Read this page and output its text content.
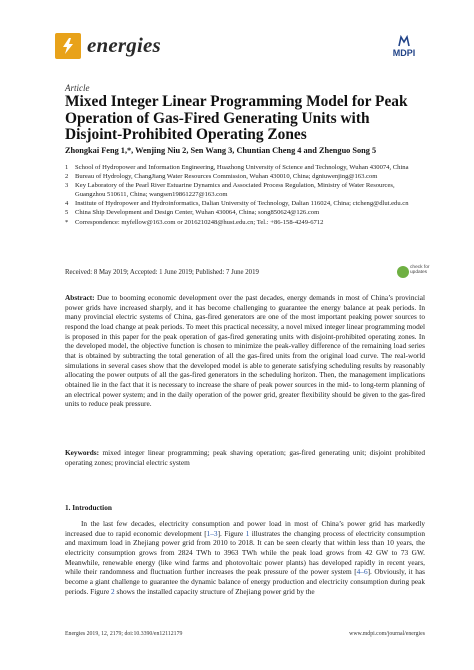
energies	MDPI
Article
Mixed Integer Linear Programming Model for Peak Operation of Gas-Fired Generating Units with Disjoint-Prohibited Operating Zones
Zhongkai Feng 1,*, Wenjing Niu 2, Sen Wang 3, Chuntian Cheng 4 and Zhenguo Song 5
1	School of Hydropower and Information Engineering, Huazhong University of Science and Technology, Wuhan 430074, China
2	Bureau of Hydrology, ChangJiang Water Resources Commission, Wuhan 430010, China; dgniuwenjing@163.com
3	Key Laboratory of the Pearl River Estuarine Dynamics and Associated Process Regulation, Ministry of Water Resources, Guangzhou 510611, China; wangsen19861227@163.com
4	Institute of Hydropower and Hydroinformatics, Dalian University of Technology, Dalian 116024, China; ctcheng@dlut.edu.cn
5	China Ship Development and Design Center, Wuhan 430064, China; song850624@126.com
*	Correspondence: myfellow@163.com or 2016210248@hust.edu.cn; Tel.: +86-158-4249-6712
Received: 8 May 2019; Accepted: 1 June 2019; Published: 7 June 2019
check for updates
Abstract: Due to booming economic development over the past decades, energy demands in most of China’s provincial power grids have increased sharply, and it has become challenging to guarantee the energy balance at peak periods. In many provincial electric systems of China, gas-fired generators are one of the most important peaking power sources to respond the load change at peak periods. To meet this practical necessity, a novel mixed integer linear programming model is proposed in this paper for the peak operation of gas-fired generating units with disjoint-prohibited operating zones. In the developed model, the objective function is chosen to minimize the peak-valley difference of the remaining load series that is obtained by subtracting the total generation of all the gas-fired units from the original load curve. The real-world simulations in several cases show that the developed model is able to generate satisfying scheduling results by reasonably allocating the power outputs of all the gas-fired generators in the scheduling horizon. Then, the management implications obtained lie in the fact that it is necessary to increase the share of peak power sources in the mid- to long-term planning of an electrical power system; and in the daily operation of the power grid, greater flexibility should be given to the gas-fired units to reduce peak pressure.
Keywords: mixed integer linear programming; peak shaving operation; gas-fired generating unit; disjoint prohibited operating zones; provincial electric system
1. Introduction
In the last few decades, electricity consumption and power load in most of China’s power grid has markedly increased due to rapid economic development [1–3]. Figure 1 illustrates the changing process of electricity consumption and maximum load in Zhejiang power grid from 2010 to 2018. It can be seen clearly that within less than 10 years, the electricity consumption grows from 2824 TWh to 3963 TWh while the peak load grows from 42 GW to 73 GW. Meanwhile, renewable energy (like wind farms and photovoltaic power plants) has developed rapidly in recent years, while their randomness and fluctuation further increases the peak pressure of the power system [4–6]. Obviously, it has become a giant challenge to guarantee the dynamic balance of energy production and electricity consumption during peak periods. Figure 2 shows the installed capacity structure of Zhejiang power grid by the
Energies 2019, 12, 2179; doi:10.3390/en12112179	www.mdpi.com/journal/energies
